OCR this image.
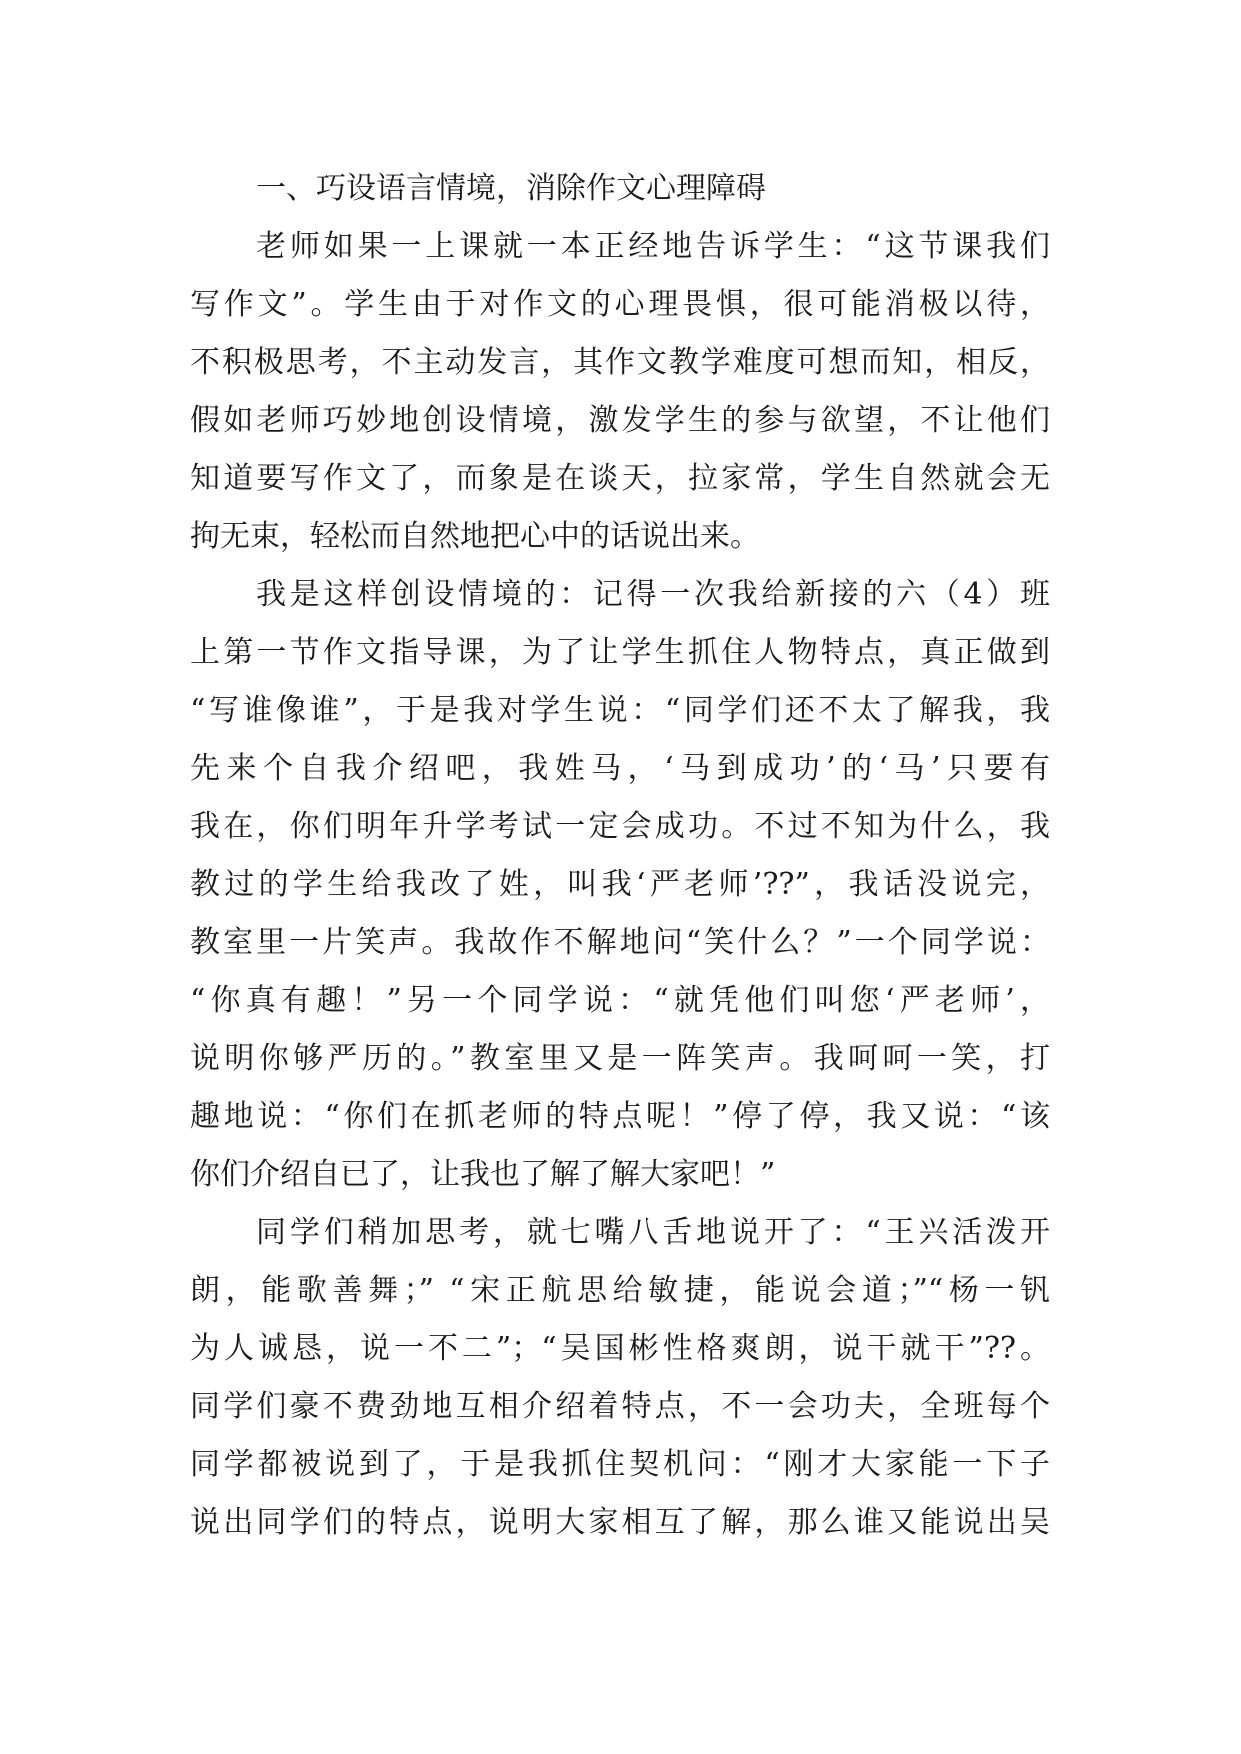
一、巧设语言情境，消除作文心理障碍
老师如果一上课就一本正经地告诉学生：“这节课我们
写作文”。学生由于对作文的心理畏惧，很可能消极以待，
不积极思考，不主动发言，其作文教学难度可想而知，相反，
假如老师巧妙地创设情境，激发学生的参与欲望，不让他们
知道要写作文了，而象是在谈天，拉家常，学生自然就会无
拘无束，轻松而自然地把心中的话说出来。
我是这样创设情境的：记得一次我给新接的六（4）班
上第一节作文指导课，为了让学生抓住人物特点，真正做到
“写谁像谁”，于是我对学生说：“同学们还不太了解我，我
先来个自我介绍吧，我姓马，‘马到成功’的‘马’只要有
我在，你们明年升学考试一定会成功。不过不知为什么，我
教过的学生给我改了姓，叫我‘严老师’??”，我话没说完，
教室里一片笑声。我故作不解地问“笑什么？”一个同学说：
“你真有趣！”另一个同学说：“就凭他们叫您‘严老师’，
说明你够严历的。”教室里又是一阵笑声。我呵呵一笑，打
趣地说：“你们在抓老师的特点呢！”停了停，我又说：“该
你们介绍自已了，让我也了解了解大家吧！”
同学们稍加思考，就七嘴八舌地说开了：“王兴活泼开
朗，能歌善舞；” “宋正航思给敏捷，能说会道；”“杨一钒
为人诚恳，说一不二”；“吴国彬性格爽朗，说干就干”??。
同学们豪不费劲地互相介绍着特点，不一会功夫，全班每个
同学都被说到了，于是我抓住契机问：“刚才大家能一下子
说出同学们的特点，说明大家相互了解，那么谁又能说出吴
